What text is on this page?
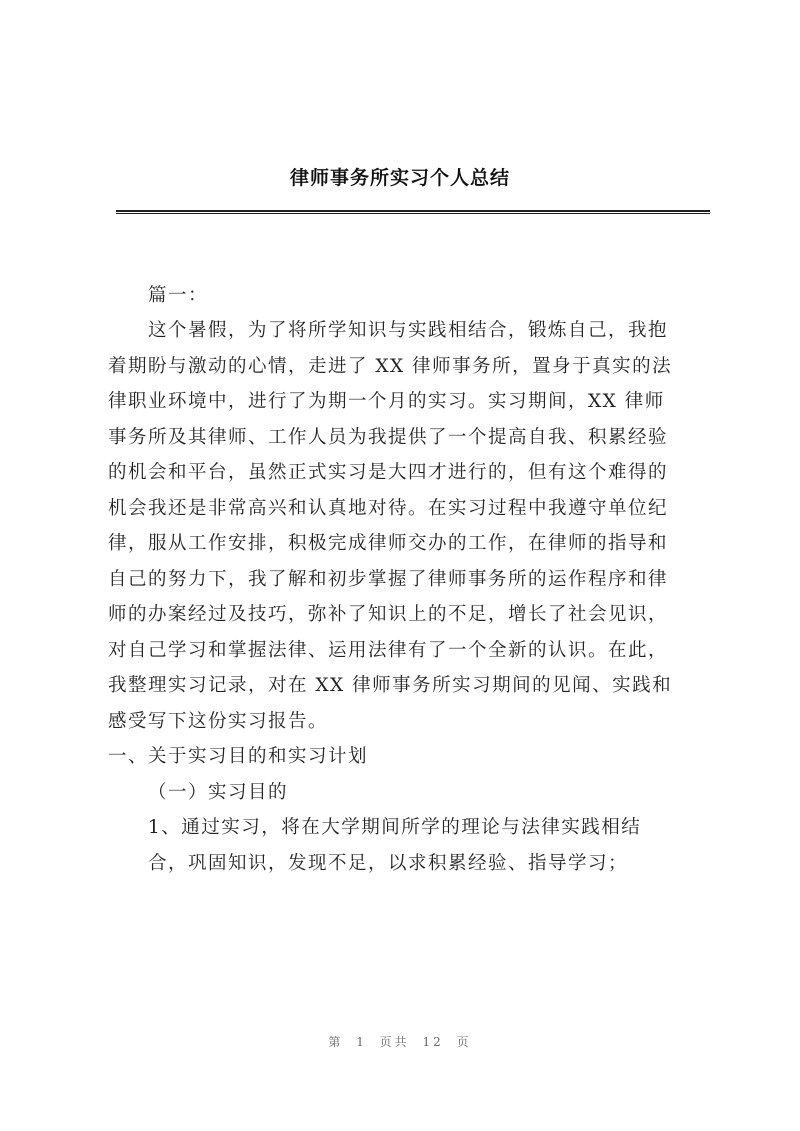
律师事务所实习个人总结
篇一：
这个暑假，为了将所学知识与实践相结合，锻炼自己，我抱
着期盼与激动的心情，走进了 XX 律师事务所，置身于真实的法
律职业环境中，进行了为期一个月的实习。实习期间，XX 律师
事务所及其律师、工作人员为我提供了一个提高自我、积累经验
的机会和平台，虽然正式实习是大四才进行的，但有这个难得的
机会我还是非常高兴和认真地对待。在实习过程中我遵守单位纪
律，服从工作安排，积极完成律师交办的工作，在律师的指导和
自己的努力下，我了解和初步掌握了律师事务所的运作程序和律
师的办案经过及技巧，弥补了知识上的不足，增长了社会见识，
对自己学习和掌握法律、运用法律有了一个全新的认识。在此，
我整理实习记录，对在 XX 律师事务所实习期间的见闻、实践和
感受写下这份实习报告。
一、关于实习目的和实习计划
（一）实习目的
1、通过实习，将在大学期间所学的理论与法律实践相结
合，巩固知识，发现不足，以求积累经验、指导学习；
第 1 页共 12 页
